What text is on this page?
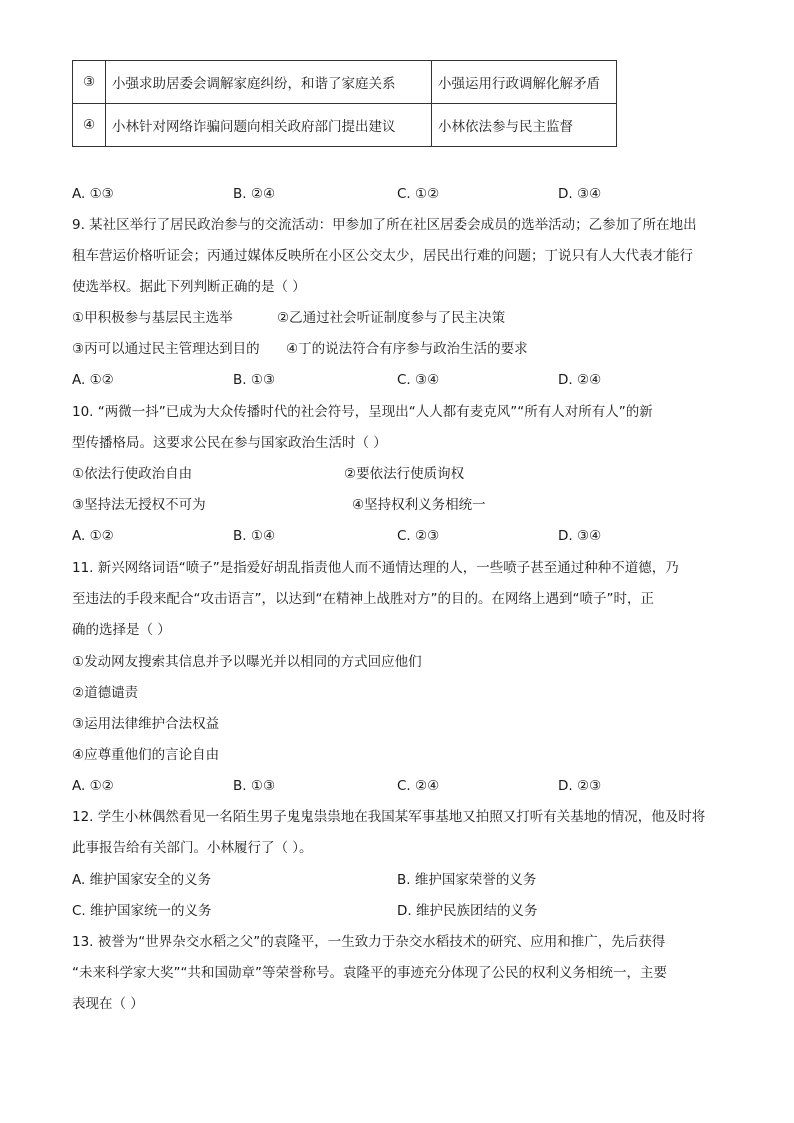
③	小强求助居委会调解家庭纠纷，和谐了家庭关系	小强运用行政调解化解矛盾
④	小林针对网络诈骗问题向相关政府部门提出建议	小林依法参与民主监督
A. ①③	B. ②④	C. ①②	D. ③④
9. 某社区举行了居民政治参与的交流活动：甲参加了所在社区居委会成员的选举活动；乙参加了所在地出
租车营运价格听证会；丙通过媒体反映所在小区公交太少，居民出行难的问题；丁说只有人大代表才能行
使选举权。据此下列判断正确的是（ ）
①甲积极参与基层民主选举	②乙通过社会听证制度参与了民主决策
③丙可以通过民主管理达到目的 ④丁的说法符合有序参与政治生活的要求
A. ①②	B. ①③	C. ③④	D. ②④
10. “两微一抖”已成为大众传播时代的社会符号，呈现出“人人都有麦克风”“所有人对所有人”的新
型传播格局。这要求公民在参与国家政治生活时（ ）
①依法行使政治自由	②要依法行使质询权
③坚持法无授权不可为	④坚持权利义务相统一
A. ①②	B. ①④	C. ②③	D. ③④
11. 新兴网络词语“喷子”是指爱好胡乱指责他人而不通情达理的人，一些喷子甚至通过种种不道德，乃
至违法的手段来配合“攻击语言”，以达到“在精神上战胜对方”的目的。在网络上遇到“喷子”时，正
确的选择是（ ）
①发动网友搜索其信息并予以曝光并以相同的方式回应他们
②道德谴责
③运用法律维护合法权益
④应尊重他们的言论自由
A. ①②	B. ①③	C. ②④	D. ②③
12. 学生小林偶然看见一名陌生男子鬼鬼祟祟地在我国某军事基地又拍照又打听有关基地的情况，他及时将
此事报告给有关部门。小林履行了（ ）。
A. 维护国家安全的义务	B. 维护国家荣誉的义务
C. 维护国家统一的义务	D. 维护民族团结的义务
13. 被誉为“世界杂交水稻之父”的袁隆平，一生致力于杂交水稻技术的研究、应用和推广，先后获得
“未来科学家大奖”“共和国勋章”等荣誉称号。袁隆平的事迹充分体现了公民的权利义务相统一，主要
表现在（ ）
